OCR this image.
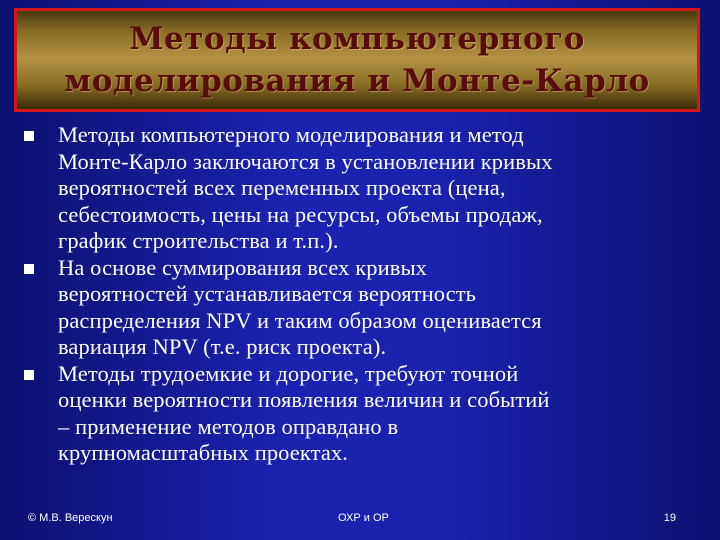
Методы компьютерного
моделирования и Монте-Карло
Методы компьютерного моделирования и метод
Монте-Карло заключаются в установлении кривых
вероятностей всех переменных проекта (цена,
себестоимость, цены на ресурсы, объемы продаж,
график строительства и т.п.).
На основе суммирования всех кривых
вероятностей устанавливается вероятность
распределения NPV и таким образом оценивается
вариация NPV (т.е. риск проекта).
Методы трудоемкие и дорогие, требуют точной
оценки вероятности появления величин и событий
– применение методов оправдано в
крупномасштабных проектах.
© М.В. Верескун	ОХР и ОР	19
